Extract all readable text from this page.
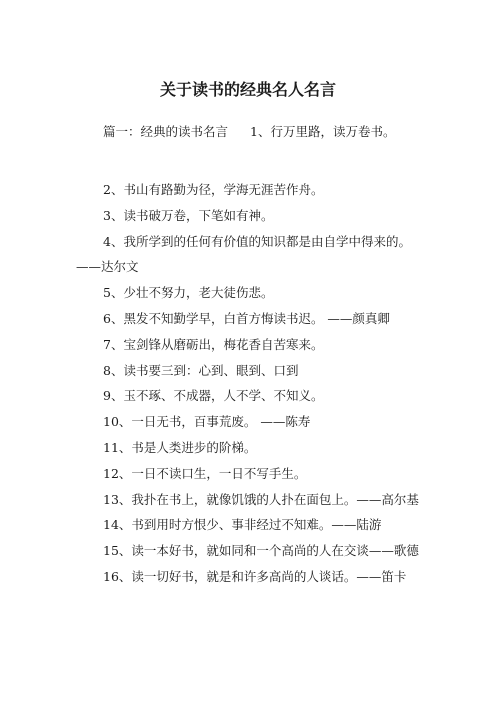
关于读书的经典名人名言
篇一：经典的读书名言 1、行万里路，读万卷书。

2、书山有路勤为径，学海无涯苦作舟。

3、读书破万卷，下笔如有神。

4、我所学到的任何有价值的知识都是由自学中得来的。——达尔文

5、少壮不努力，老大徒伤悲。

6、黑发不知勤学早，白首方悔读书迟。 ——颜真卿

7、宝剑锋从磨砺出，梅花香自苦寒来。

8、读书要三到：心到、眼到、口到

9、玉不琢、不成器，人不学、不知义。

10、一日无书，百事荒废。 ——陈寿

11、书是人类进步的阶梯。

12、一日不读口生，一日不写手生。

13、我扑在书上，就像饥饿的人扑在面包上。——高尔基

14、书到用时方恨少、事非经过不知难。——陆游

15、读一本好书，就如同和一个高尚的人在交谈——歌德

16、读一切好书，就是和许多高尚的人谈话。——笛卡
